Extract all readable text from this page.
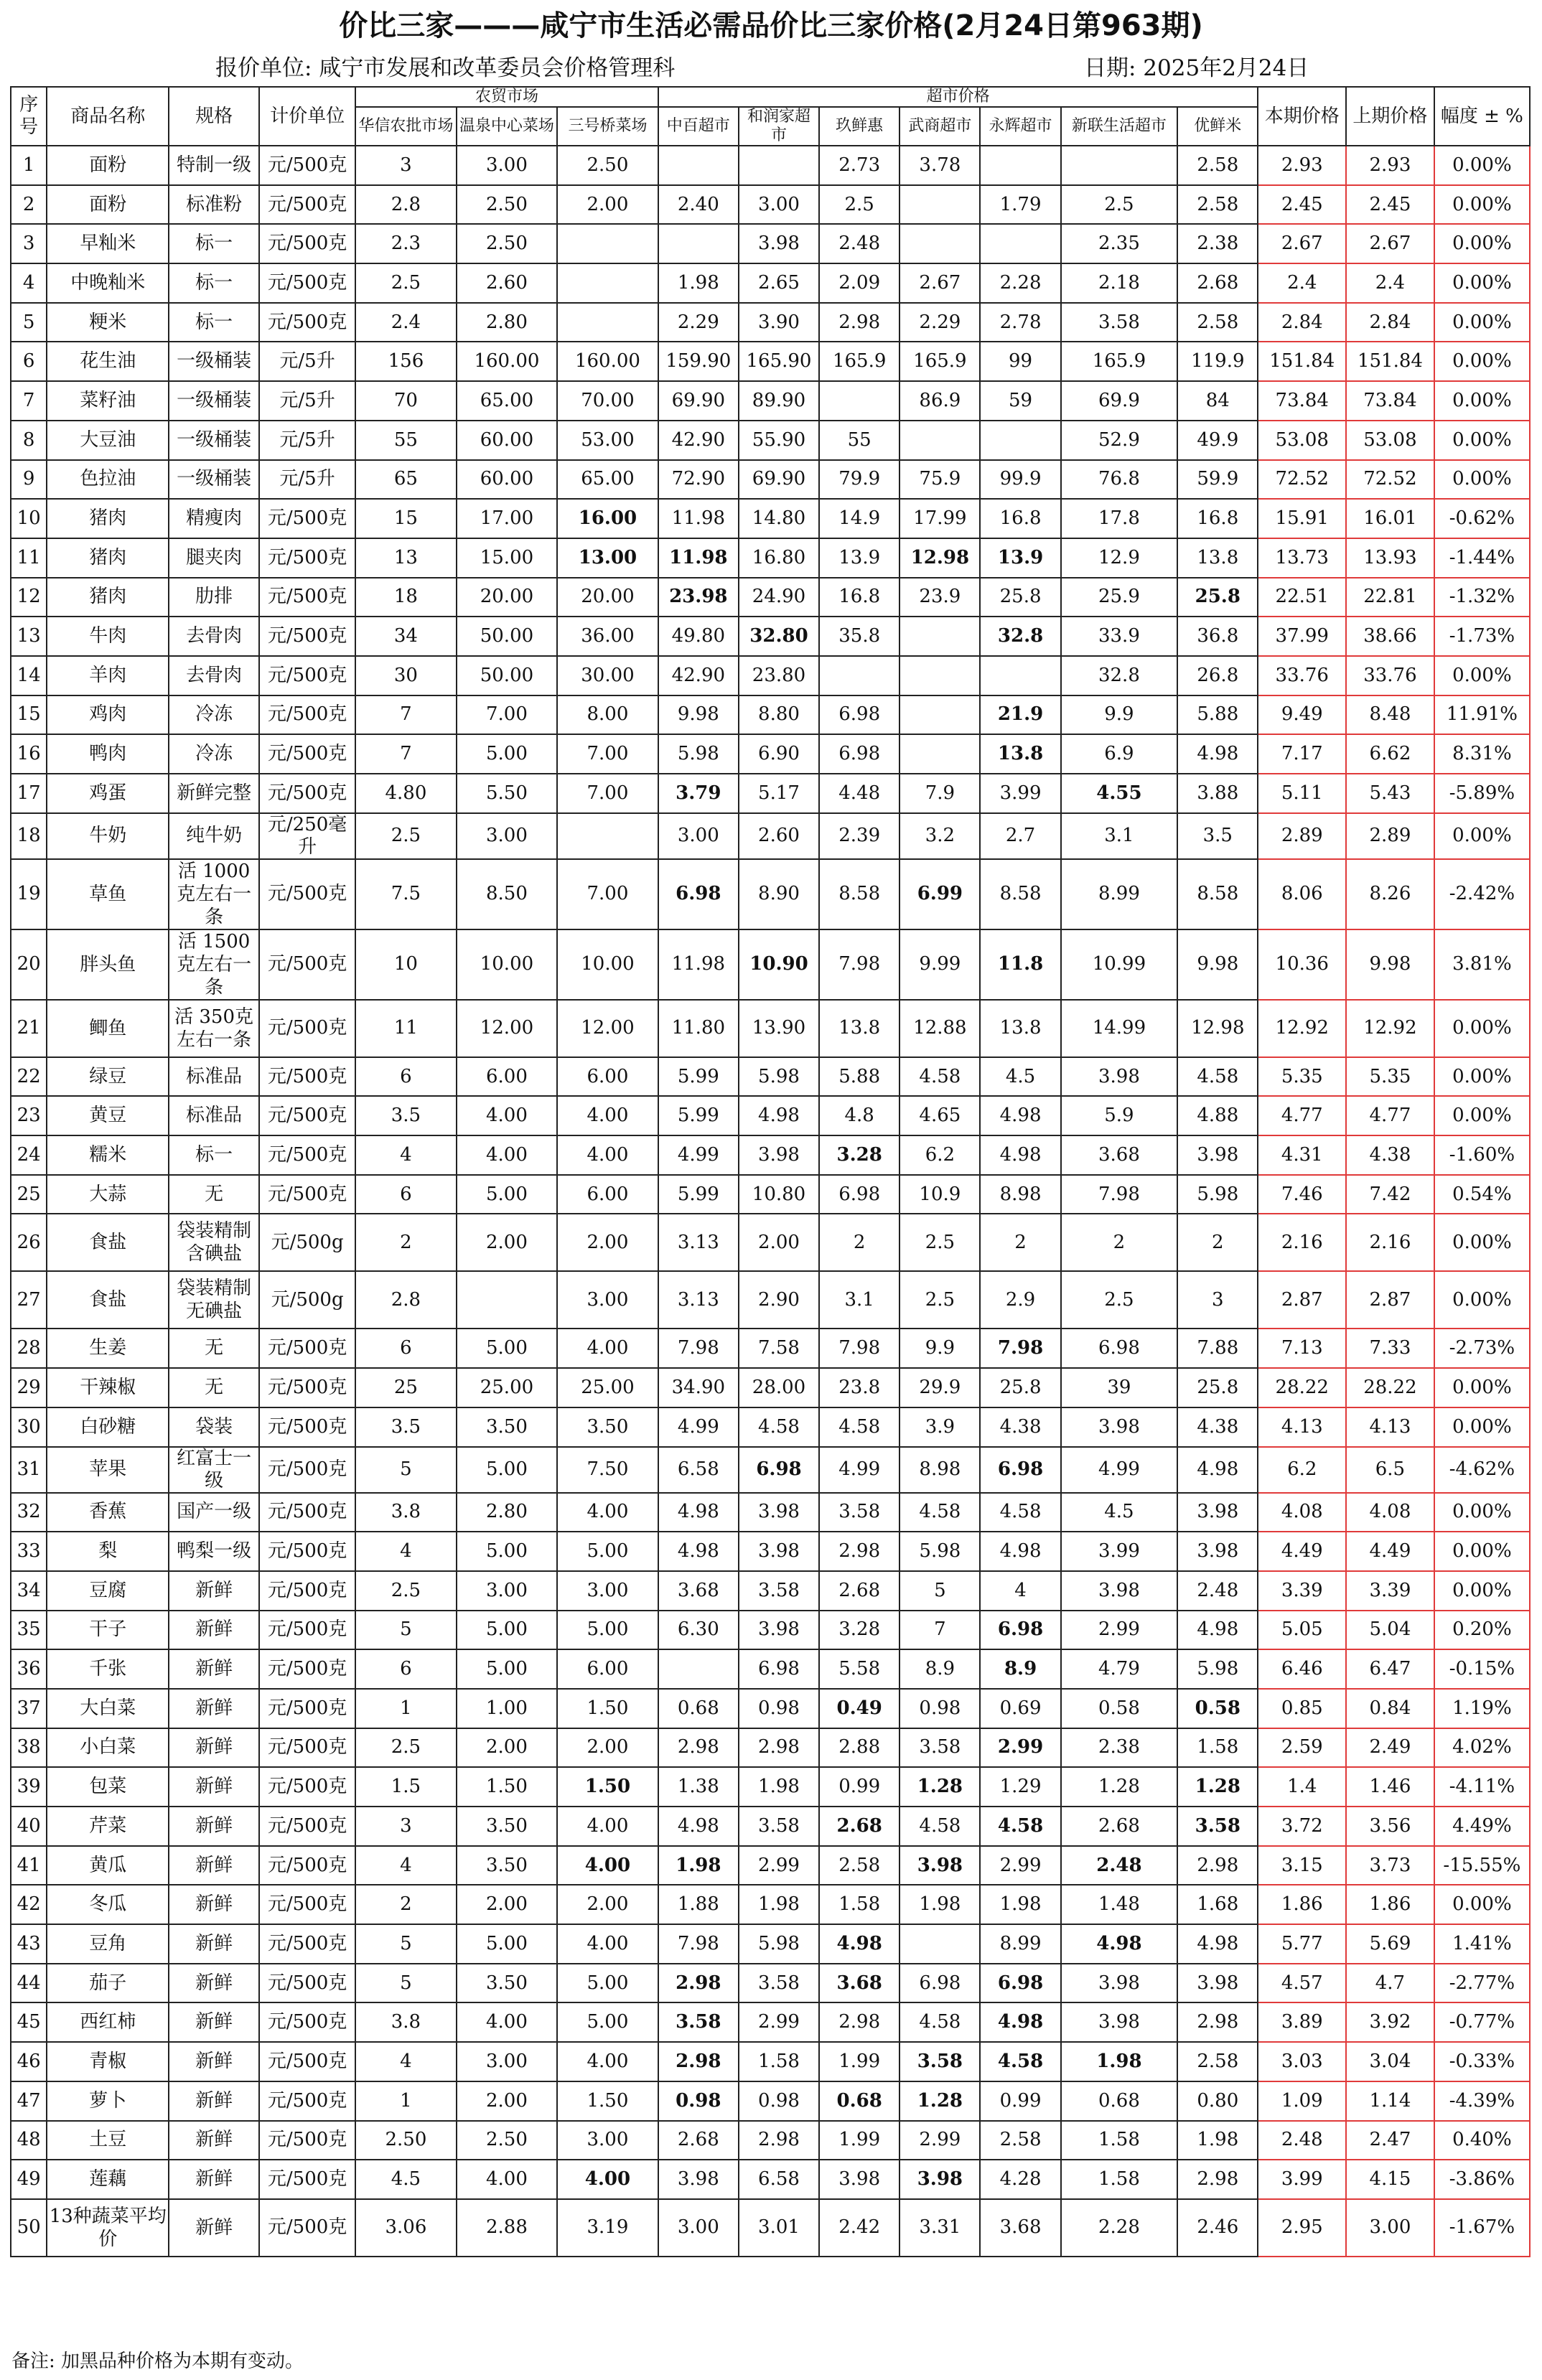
价比三家———咸宁市生活必需品价比三家价格(2月24日第963期)
报价单位: 咸宁市发展和改革委员会价格管理科	日期: 2025年2月24日
序号	商品名称	规格	计价单位	农贸市场			超市价格							本期价格	上期价格	幅度 ± %
				华信农批市场	温泉中心菜场	三号桥菜场	中百超市	和润家超市	玖鲜惠	武商超市	永辉超市	新联生活超市	优鲜米			
1	面粉	特制一级	元/500克	3	3.00	2.50			2.73	3.78			2.58	2.93	2.93	0.00%
2	面粉	标准粉	元/500克	2.8	2.50	2.00	2.40	3.00	2.5		1.79	2.5	2.58	2.45	2.45	0.00%
3	早籼米	标一	元/500克	2.3	2.50			3.98	2.48			2.35	2.38	2.67	2.67	0.00%
4	中晚籼米	标一	元/500克	2.5	2.60		1.98	2.65	2.09	2.67	2.28	2.18	2.68	2.4	2.4	0.00%
5	粳米	标一	元/500克	2.4	2.80		2.29	3.90	2.98	2.29	2.78	3.58	2.58	2.84	2.84	0.00%
6	花生油	一级桶装	元/5升	156	160.00	160.00	159.90	165.90	165.9	165.9	99	165.9	119.9	151.84	151.84	0.00%
7	菜籽油	一级桶装	元/5升	70	65.00	70.00	69.90	89.90		86.9	59	69.9	84	73.84	73.84	0.00%
8	大豆油	一级桶装	元/5升	55	60.00	53.00	42.90	55.90	55			52.9	49.9	53.08	53.08	0.00%
9	色拉油	一级桶装	元/5升	65	60.00	65.00	72.90	69.90	79.9	75.9	99.9	76.8	59.9	72.52	72.52	0.00%
10	猪肉	精瘦肉	元/500克	15	17.00	16.00	11.98	14.80	14.9	17.99	16.8	17.8	16.8	15.91	16.01	-0.62%
11	猪肉	腿夹肉	元/500克	13	15.00	13.00	11.98	16.80	13.9	12.98	13.9	12.9	13.8	13.73	13.93	-1.44%
12	猪肉	肋排	元/500克	18	20.00	20.00	23.98	24.90	16.8	23.9	25.8	25.9	25.8	22.51	22.81	-1.32%
13	牛肉	去骨肉	元/500克	34	50.00	36.00	49.80	32.80	35.8		32.8	33.9	36.8	37.99	38.66	-1.73%
14	羊肉	去骨肉	元/500克	30	50.00	30.00	42.90	23.80				32.8	26.8	33.76	33.76	0.00%
15	鸡肉	冷冻	元/500克	7	7.00	8.00	9.98	8.80	6.98		21.9	9.9	5.88	9.49	8.48	11.91%
16	鸭肉	冷冻	元/500克	7	5.00	7.00	5.98	6.90	6.98		13.8	6.9	4.98	7.17	6.62	8.31%
17	鸡蛋	新鲜完整	元/500克	4.80	5.50	7.00	3.79	5.17	4.48	7.9	3.99	4.55	3.88	5.11	5.43	-5.89%
18	牛奶	纯牛奶	元/250毫升	2.5	3.00		3.00	2.60	2.39	3.2	2.7	3.1	3.5	2.89	2.89	0.00%
19	草鱼	活 1000克左右一条	元/500克	7.5	8.50	7.00	6.98	8.90	8.58	6.99	8.58	8.99	8.58	8.06	8.26	-2.42%
20	胖头鱼	活 1500克左右一条	元/500克	10	10.00	10.00	11.98	10.90	7.98	9.99	11.8	10.99	9.98	10.36	9.98	3.81%
21	鲫鱼	活 350克左右一条	元/500克	11	12.00	12.00	11.80	13.90	13.8	12.88	13.8	14.99	12.98	12.92	12.92	0.00%
22	绿豆	标准品	元/500克	6	6.00	6.00	5.99	5.98	5.88	4.58	4.5	3.98	4.58	5.35	5.35	0.00%
23	黄豆	标准品	元/500克	3.5	4.00	4.00	5.99	4.98	4.8	4.65	4.98	5.9	4.88	4.77	4.77	0.00%
24	糯米	标一	元/500克	4	4.00	4.00	4.99	3.98	3.28	6.2	4.98	3.68	3.98	4.31	4.38	-1.60%
25	大蒜	无	元/500克	6	5.00	6.00	5.99	10.80	6.98	10.9	8.98	7.98	5.98	7.46	7.42	0.54%
26	食盐	袋装精制含碘盐	元/500g	2	2.00	2.00	3.13	2.00	2	2.5	2	2	2	2.16	2.16	0.00%
27	食盐	袋装精制无碘盐	元/500g	2.8		3.00	3.13	2.90	3.1	2.5	2.9	2.5	3	2.87	2.87	0.00%
28	生姜	无	元/500克	6	5.00	4.00	7.98	7.58	7.98	9.9	7.98	6.98	7.88	7.13	7.33	-2.73%
29	干辣椒	无	元/500克	25	25.00	25.00	34.90	28.00	23.8	29.9	25.8	39	25.8	28.22	28.22	0.00%
30	白砂糖	袋装	元/500克	3.5	3.50	3.50	4.99	4.58	4.58	3.9	4.38	3.98	4.38	4.13	4.13	0.00%
31	苹果	红富士一级	元/500克	5	5.00	7.50	6.58	6.98	4.99	8.98	6.98	4.99	4.98	6.2	6.5	-4.62%
32	香蕉	国产一级	元/500克	3.8	2.80	4.00	4.98	3.98	3.58	4.58	4.58	4.5	3.98	4.08	4.08	0.00%
33	梨	鸭梨一级	元/500克	4	5.00	5.00	4.98	3.98	2.98	5.98	4.98	3.99	3.98	4.49	4.49	0.00%
34	豆腐	新鲜	元/500克	2.5	3.00	3.00	3.68	3.58	2.68	5	4	3.98	2.48	3.39	3.39	0.00%
35	干子	新鲜	元/500克	5	5.00	5.00	6.30	3.98	3.28	7	6.98	2.99	4.98	5.05	5.04	0.20%
36	千张	新鲜	元/500克	6	5.00	6.00		6.98	5.58	8.9	8.9	4.79	5.98	6.46	6.47	-0.15%
37	大白菜	新鲜	元/500克	1	1.00	1.50	0.68	0.98	0.49	0.98	0.69	0.58	0.58	0.85	0.84	1.19%
38	小白菜	新鲜	元/500克	2.5	2.00	2.00	2.98	2.98	2.88	3.58	2.99	2.38	1.58	2.59	2.49	4.02%
39	包菜	新鲜	元/500克	1.5	1.50	1.50	1.38	1.98	0.99	1.28	1.29	1.28	1.28	1.4	1.46	-4.11%
40	芹菜	新鲜	元/500克	3	3.50	4.00	4.98	3.58	2.68	4.58	4.58	2.68	3.58	3.72	3.56	4.49%
41	黄瓜	新鲜	元/500克	4	3.50	4.00	1.98	2.99	2.58	3.98	2.99	2.48	2.98	3.15	3.73	-15.55%
42	冬瓜	新鲜	元/500克	2	2.00	2.00	1.88	1.98	1.58	1.98	1.98	1.48	1.68	1.86	1.86	0.00%
43	豆角	新鲜	元/500克	5	5.00	4.00	7.98	5.98	4.98		8.99	4.98	4.98	5.77	5.69	1.41%
44	茄子	新鲜	元/500克	5	3.50	5.00	2.98	3.58	3.68	6.98	6.98	3.98	3.98	4.57	4.7	-2.77%
45	西红柿	新鲜	元/500克	3.8	4.00	5.00	3.58	2.99	2.98	4.58	4.98	3.98	2.98	3.89	3.92	-0.77%
46	青椒	新鲜	元/500克	4	3.00	4.00	2.98	1.58	1.99	3.58	4.58	1.98	2.58	3.03	3.04	-0.33%
47	萝卜	新鲜	元/500克	1	2.00	1.50	0.98	0.98	0.68	1.28	0.99	0.68	0.80	1.09	1.14	-4.39%
48	土豆	新鲜	元/500克	2.50	2.50	3.00	2.68	2.98	1.99	2.99	2.58	1.58	1.98	2.48	2.47	0.40%
49	莲藕	新鲜	元/500克	4.5	4.00	4.00	3.98	6.58	3.98	3.98	4.28	1.58	2.98	3.99	4.15	-3.86%
50	13种蔬菜平均价	新鲜	元/500克	3.06	2.88	3.19	3.00	3.01	2.42	3.31	3.68	2.28	2.46	2.95	3.00	-1.67%
备注: 加黑品种价格为本期有变动。
